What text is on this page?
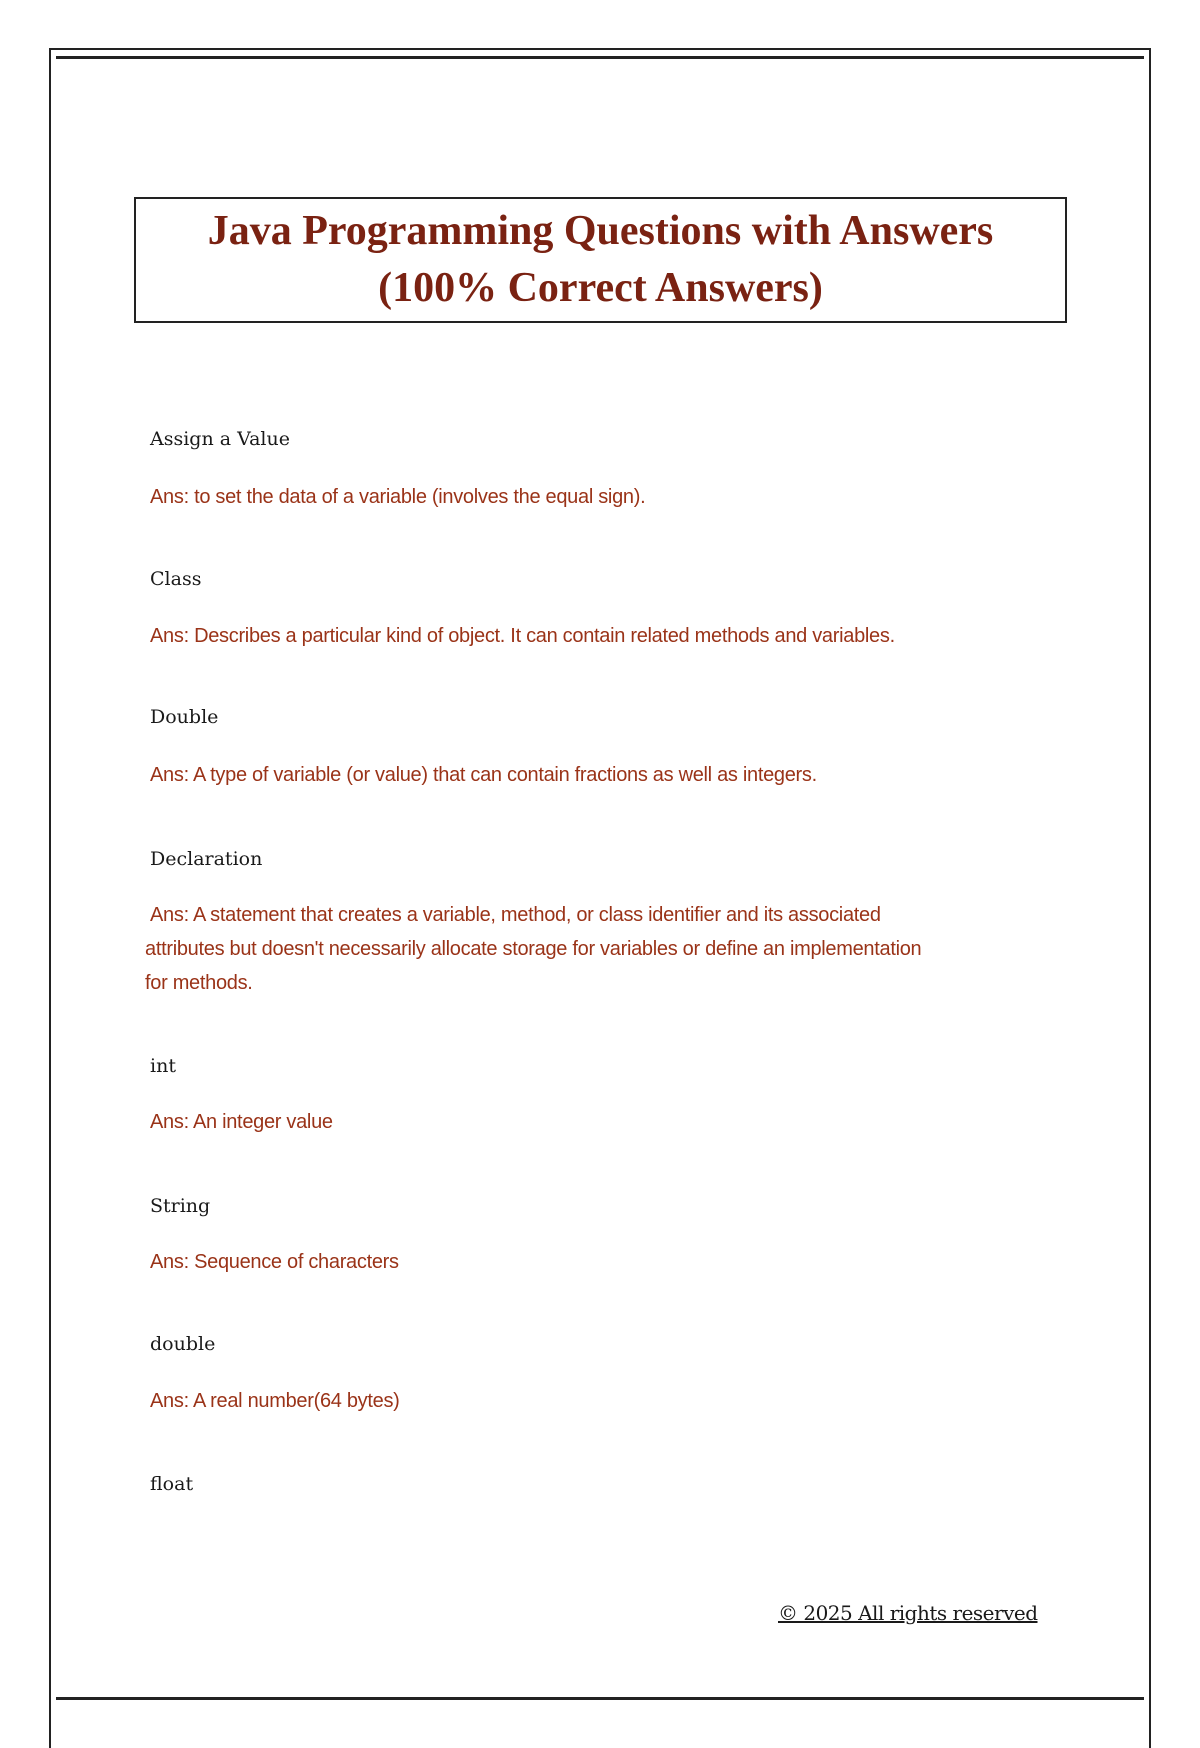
Java Programming Questions with Answers
(100% Correct Answers)
Assign a Value
Ans: to set the data of a variable (involves the equal sign).
Class
Ans: Describes a particular kind of object. It can contain related methods and variables.
Double
Ans: A type of variable (or value) that can contain fractions as well as integers.
Declaration
Ans: A statement that creates a variable, method, or class identifier and its associated
attributes but doesn't necessarily allocate storage for variables or define an implementation
for methods.
int
Ans: An integer value
String
Ans: Sequence of characters
double
Ans: A real number(64 bytes)
float
© 2025 All rights reserved
